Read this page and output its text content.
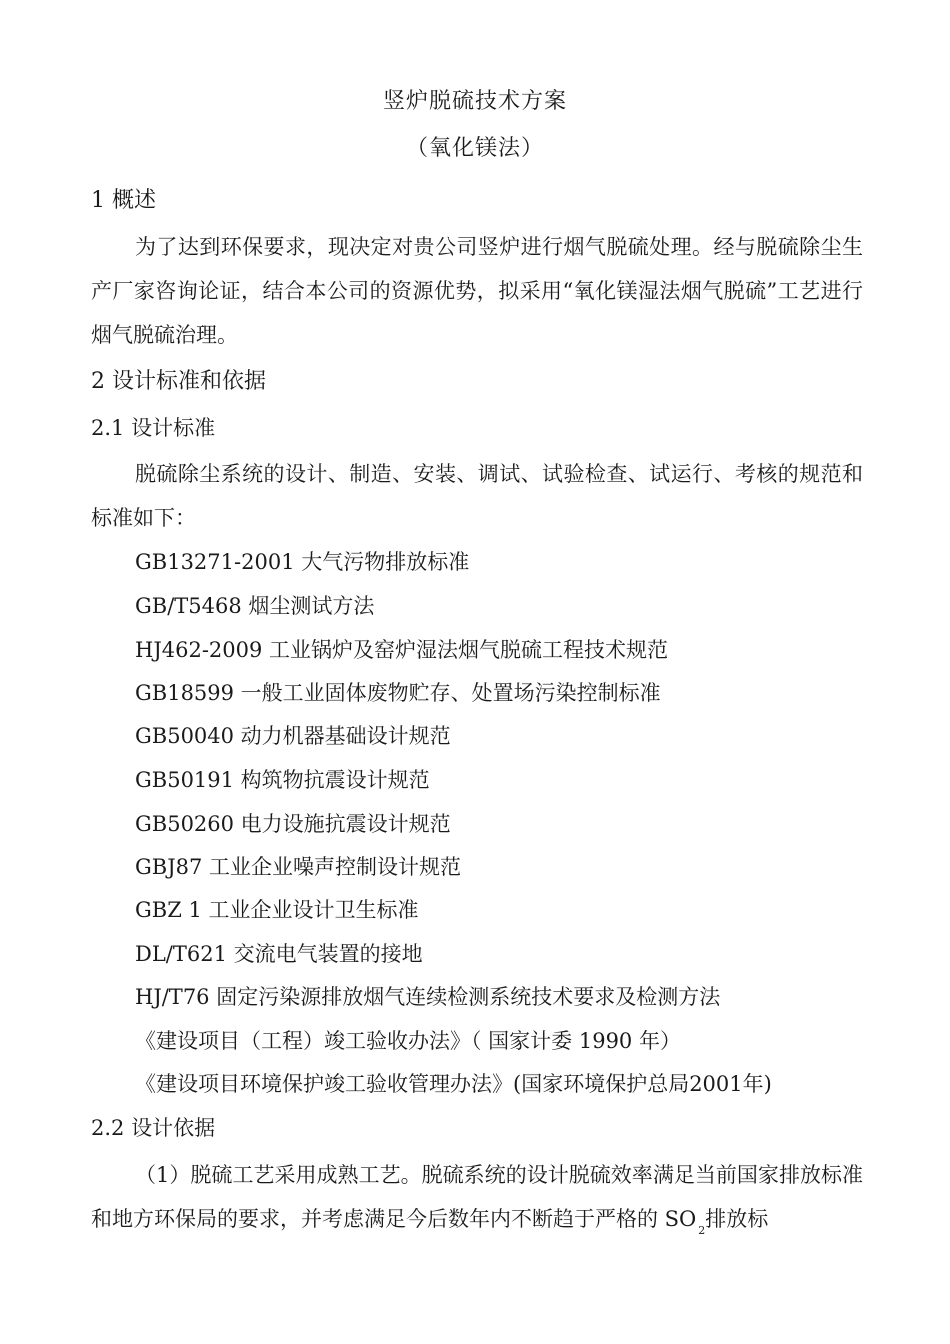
竖炉脱硫技术方案
（氧化镁法）
1 概述
为了达到环保要求，现决定对贵公司竖炉进行烟气脱硫处理。经与脱硫除尘生产厂家咨询论证，结合本公司的资源优势，拟采用“氧化镁湿法烟气脱硫”工艺进行烟气脱硫治理。
2 设计标准和依据
2.1 设计标准
脱硫除尘系统的设计、制造、安装、调试、试验检查、试运行、考核的规范和标准如下：
GB13271-2001 大气污物排放标准
GB/T5468 烟尘测试方法
HJ462-2009 工业锅炉及窑炉湿法烟气脱硫工程技术规范
GB18599 一般工业固体废物贮存、处置场污染控制标准
GB50040 动力机器基础设计规范
GB50191 构筑物抗震设计规范
GB50260 电力设施抗震设计规范
GBJ87 工业企业噪声控制设计规范
GBZ 1 工业企业设计卫生标准
DL/T621 交流电气装置的接地
HJ/T76 固定污染源排放烟气连续检测系统技术要求及检测方法
《建设项目（工程）竣工验收办法》（ 国家计委 1990 年）
《建设项目环境保护竣工验收管理办法》(国家环境保护总局2001年)
2.2 设计依据
（1）脱硫工艺采用成熟工艺。脱硫系统的设计脱硫效率满足当前国家排放标准和地方环保局的要求，并考虑满足今后数年内不断趋于严格的 SO $_2$排放标
